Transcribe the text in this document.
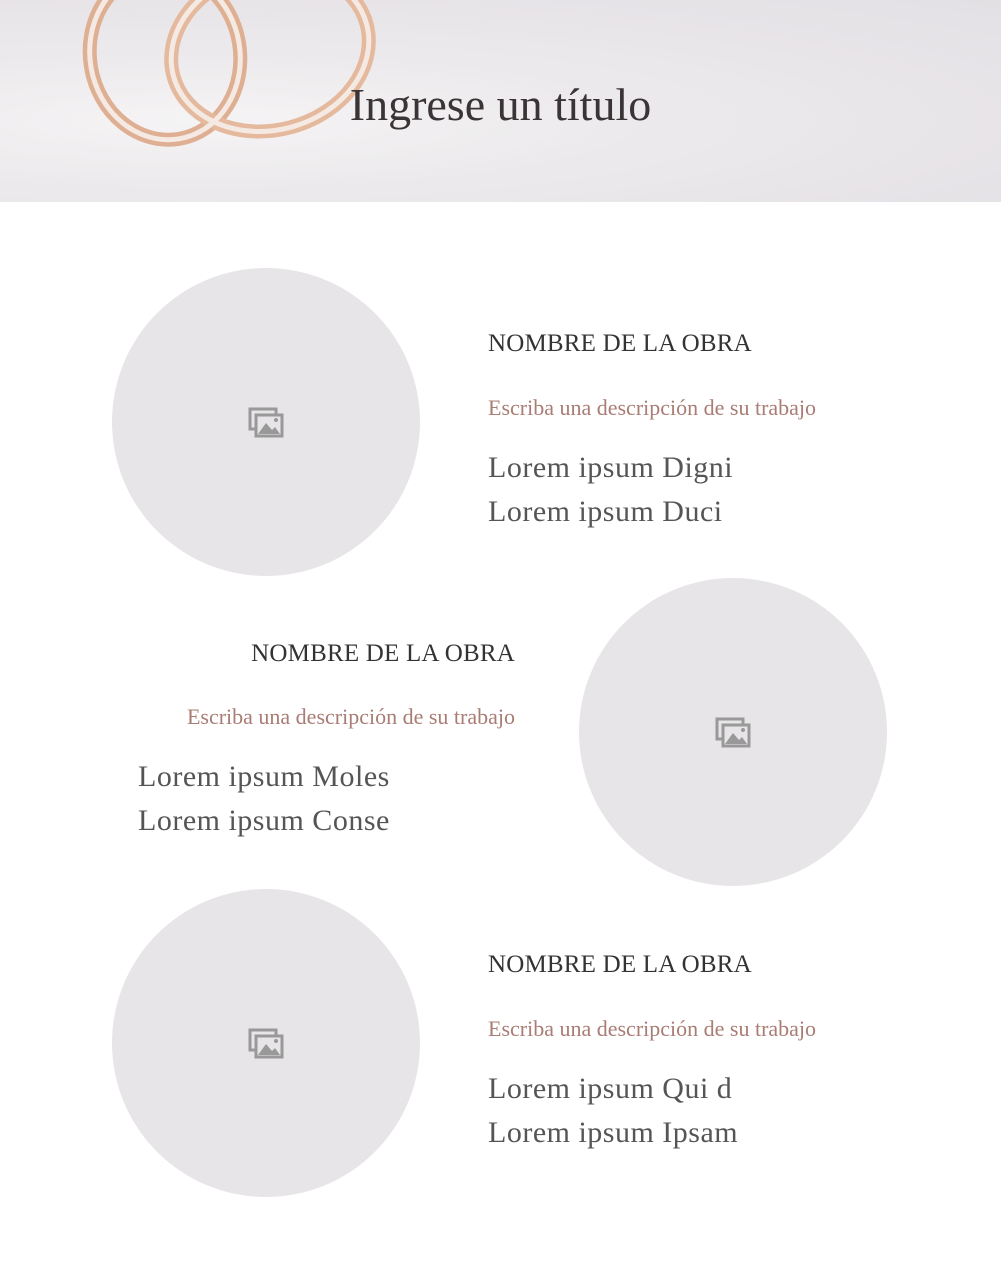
Ingrese un título
NOMBRE DE LA OBRA
Escriba una descripción de su trabajo
Lorem ipsum Digni
Lorem ipsum Duci
NOMBRE DE LA OBRA
Escriba una descripción de su trabajo
Lorem ipsum Moles
Lorem ipsum Conse
NOMBRE DE LA OBRA
Escriba una descripción de su trabajo
Lorem ipsum Qui d
Lorem ipsum Ipsam
